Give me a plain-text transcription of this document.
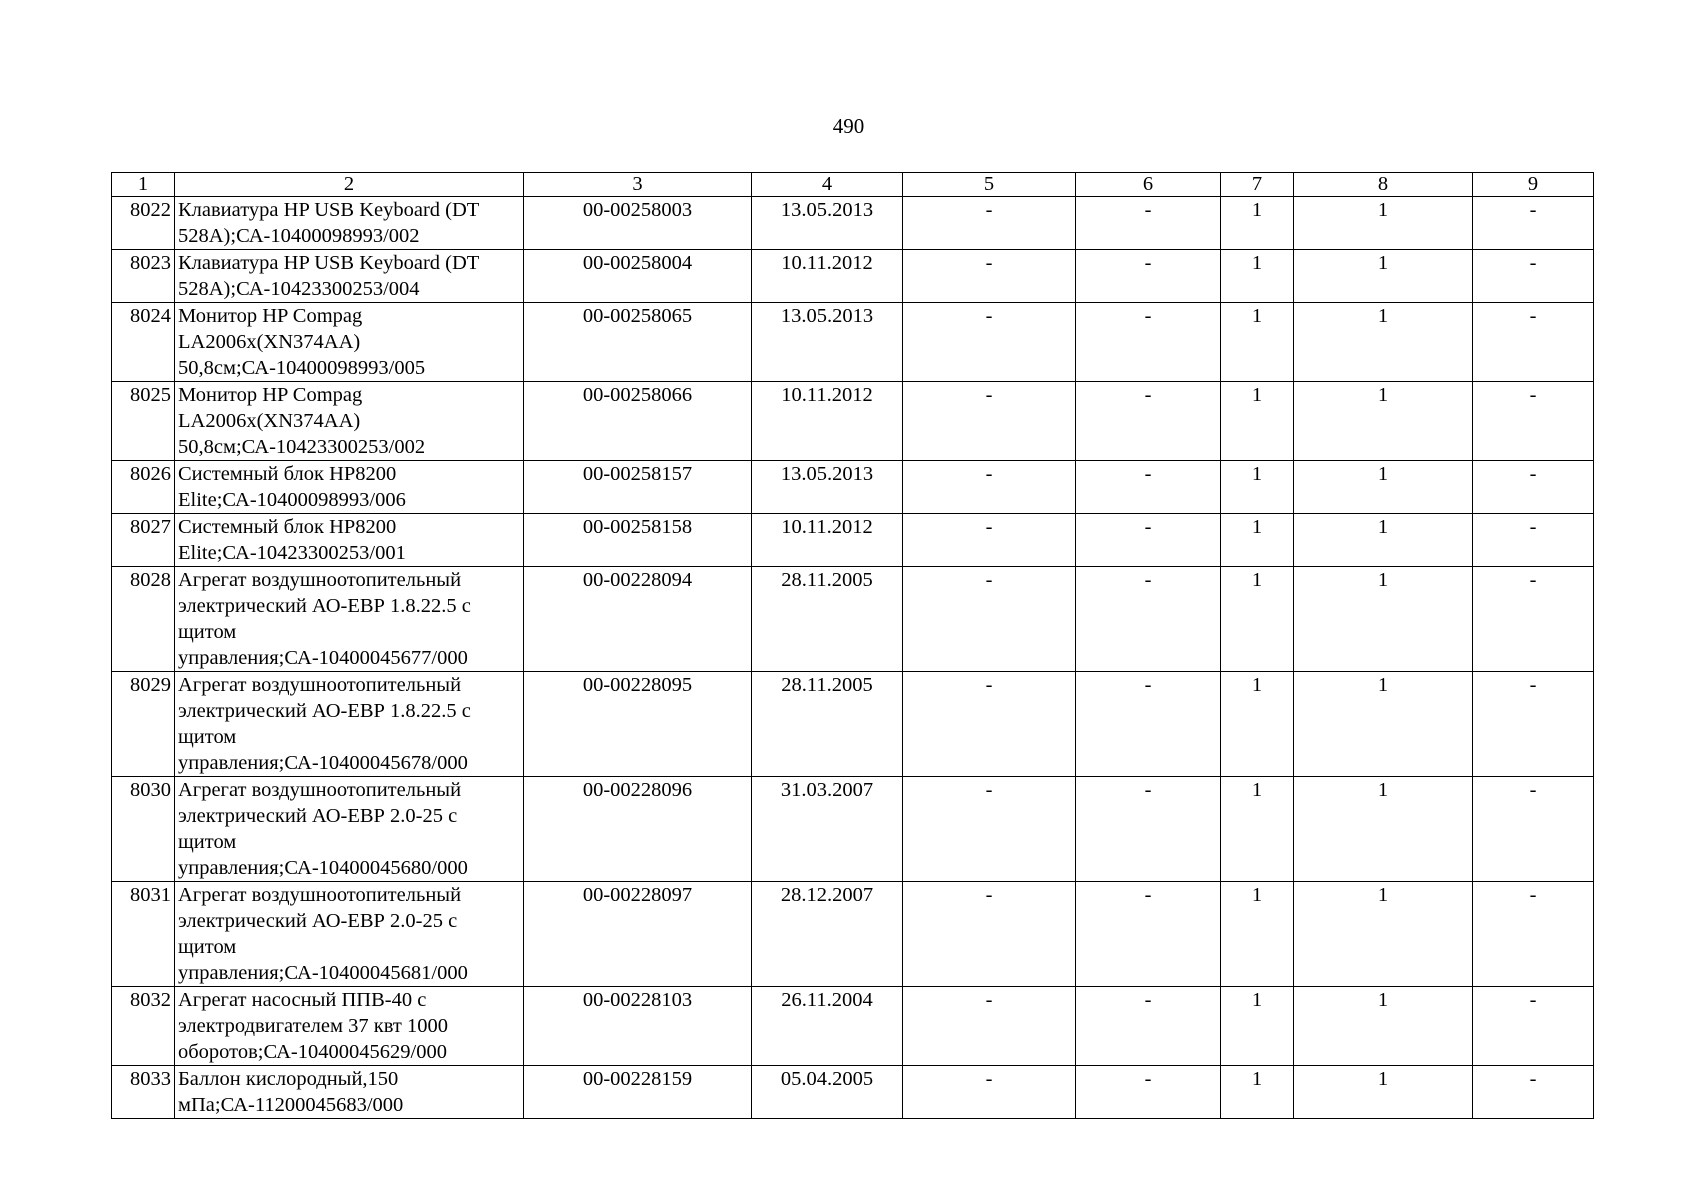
490
1	2	3	4	5	6	7	8	9
8022	Клавиатура HP USB Keyboard (DT
528A);СА-10400098993/002	00-00258003	13.05.2013	-	-	1	1	-
8023	Клавиатура HP USB Keyboard (DT
528A);СА-10423300253/004	00-00258004	10.11.2012	-	-	1	1	-
8024	Монитор HP Compag
LA2006x(XN374AA)
50,8см;СА-10400098993/005	00-00258065	13.05.2013	-	-	1	1	-
8025	Монитор HP Compag
LA2006x(XN374AA)
50,8см;СА-10423300253/002	00-00258066	10.11.2012	-	-	1	1	-
8026	Системный блок HP8200
Elite;СА-10400098993/006	00-00258157	13.05.2013	-	-	1	1	-
8027	Системный блок HP8200
Elite;СА-10423300253/001	00-00258158	10.11.2012	-	-	1	1	-
8028	Агрегат воздушноотопительный
электрический АО-ЕВР 1.8.22.5 с
щитом
управления;СА-10400045677/000	00-00228094	28.11.2005	-	-	1	1	-
8029	Агрегат воздушноотопительный
электрический АО-ЕВР 1.8.22.5 с
щитом
управления;СА-10400045678/000	00-00228095	28.11.2005	-	-	1	1	-
8030	Агрегат воздушноотопительный
электрический АО-ЕВР 2.0-25 с
щитом
управления;СА-10400045680/000	00-00228096	31.03.2007	-	-	1	1	-
8031	Агрегат воздушноотопительный
электрический АО-ЕВР 2.0-25 с
щитом
управления;СА-10400045681/000	00-00228097	28.12.2007	-	-	1	1	-
8032	Агрегат насосный ППВ-40 с
электродвигателем 37 квт 1000
оборотов;СА-10400045629/000	00-00228103	26.11.2004	-	-	1	1	-
8033	Баллон кислородный,150
мПа;СА-11200045683/000	00-00228159	05.04.2005	-	-	1	1	-
